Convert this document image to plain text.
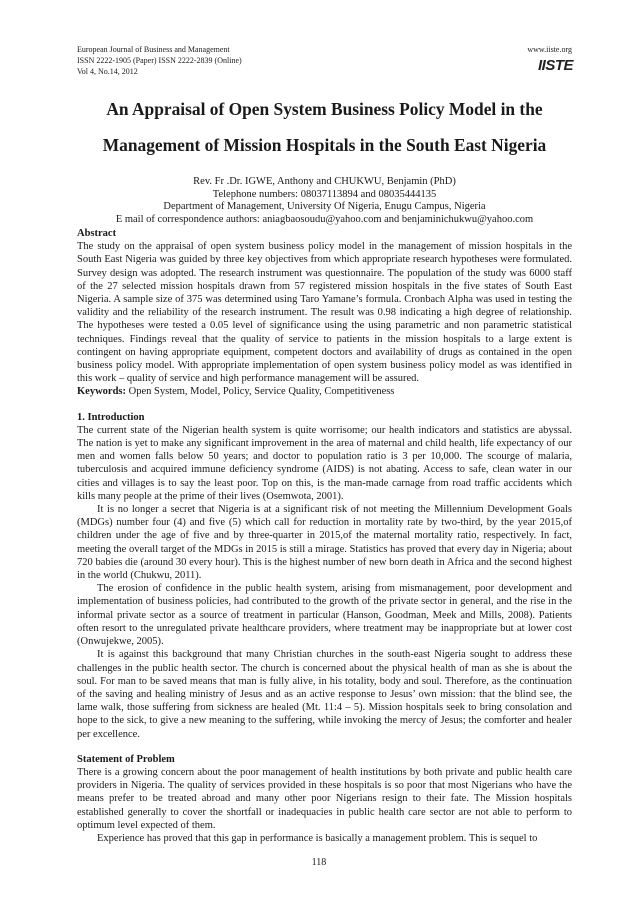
European Journal of Business and Management
ISSN 2222-1905 (Paper) ISSN 2222-2839 (Online)
Vol 4, No.14, 2012
www.iiste.org
IISTE
An Appraisal of Open System Business Policy Model in the Management of Mission Hospitals in the South East Nigeria
Rev. Fr .Dr. IGWE, Anthony and CHUKWU, Benjamin (PhD)
Telephone numbers: 08037113894 and 08035444135
Department of Management, University Of Nigeria, Enugu Campus, Nigeria
E mail of correspondence authors: aniagbaosoudu@yahoo.com and benjaminichukwu@yahoo.com

Abstract

The study on the appraisal of open system business policy model in the management of mission hospitals in the South East Nigeria was guided by three key objectives from which appropriate research hypotheses were formulated. Survey design was adopted. The research instrument was questionnaire. The population of the study was 6000 staff of the 27 selected mission hospitals drawn from 57 registered mission hospitals in the five states of South East Nigeria. A sample size of 375 was determined using Taro Yamane’s formula. Cronbach Alpha was used in testing the validity and the reliability of the research instrument. The result was 0.98 indicating a high degree of relationship. The hypotheses were tested a 0.05 level of significance using the using parametric and non parametric statistical techniques. Findings reveal that the quality of service to patients in the mission hospitals to a large extent is contingent on having appropriate equipment, competent doctors and availability of drugs as contained in the open business policy model. With appropriate implementation of open system business policy model as was identified in this work – quality of service and high performance management will be assured.

Keywords: Open System, Model, Policy, Service Quality, Competitiveness

1. Introduction

The current state of the Nigerian health system is quite worrisome; our health indicators and statistics are abyssal. The nation is yet to make any significant improvement in the area of maternal and child health, life expectancy of our men and women falls below 50 years; and doctor to population ratio is 3 per 10,000. The scourge of malaria, tuberculosis and acquired immune deficiency syndrome (AIDS) is not abating. Access to safe, clean water in our cities and villages is to say the least poor. Top on this, is the man-made carnage from road traffic accidents which kills many people at the prime of their lives (Osemwota, 2001).

It is no longer a secret that Nigeria is at a significant risk of not meeting the Millennium Development Goals (MDGs) number four (4) and five (5) which call for reduction in mortality rate by two-third, by the year 2015,of children under the age of five and by three-quarter in 2015,of the maternal mortality ratio, respectively. In fact, meeting the overall target of the MDGs in 2015 is still a mirage. Statistics has proved that every day in Nigeria; about 720 babies die (around 30 every hour). This is the highest number of new born death in Africa and the second highest in the world (Chukwu, 2011).

The erosion of confidence in the public health system, arising from mismanagement, poor development and implementation of business policies, had contributed to the growth of the private sector in general, and the rise in the informal private sector as a source of treatment in particular (Hanson, Goodman, Meek and Mills, 2008). Patients often resort to the unregulated private healthcare providers, where treatment may be inappropriate but at lower cost (Onwujekwe, 2005).

It is against this background that many Christian churches in the south-east Nigeria sought to address these challenges in the public health sector. The church is concerned about the physical health of man as she is about the soul. For man to be saved means that man is fully alive, in his totality, body and soul. Therefore, as the continuation of the saving and healing ministry of Jesus and as an active response to Jesus’ own mission: that the blind see, the lame walk, those suffering from sickness are healed (Mt. 11:4 – 5). Mission hospitals seek to bring consolation and hope to the sick, to give a new meaning to the suffering, while invoking the mercy of Jesus; the comforter and healer per excellence.

Statement of Problem

There is a growing concern about the poor management of health institutions by both private and public health care providers in Nigeria. The quality of services provided in these hospitals is so poor that most Nigerians who have the means prefer to be treated abroad and many other poor Nigerians resign to their fate. The Mission hospitals established generally to cover the shortfall or inadequacies in public health care sector are not able to perform to optimum level expected of them.

Experience has proved that this gap in performance is basically a management problem. This is sequel to

118
